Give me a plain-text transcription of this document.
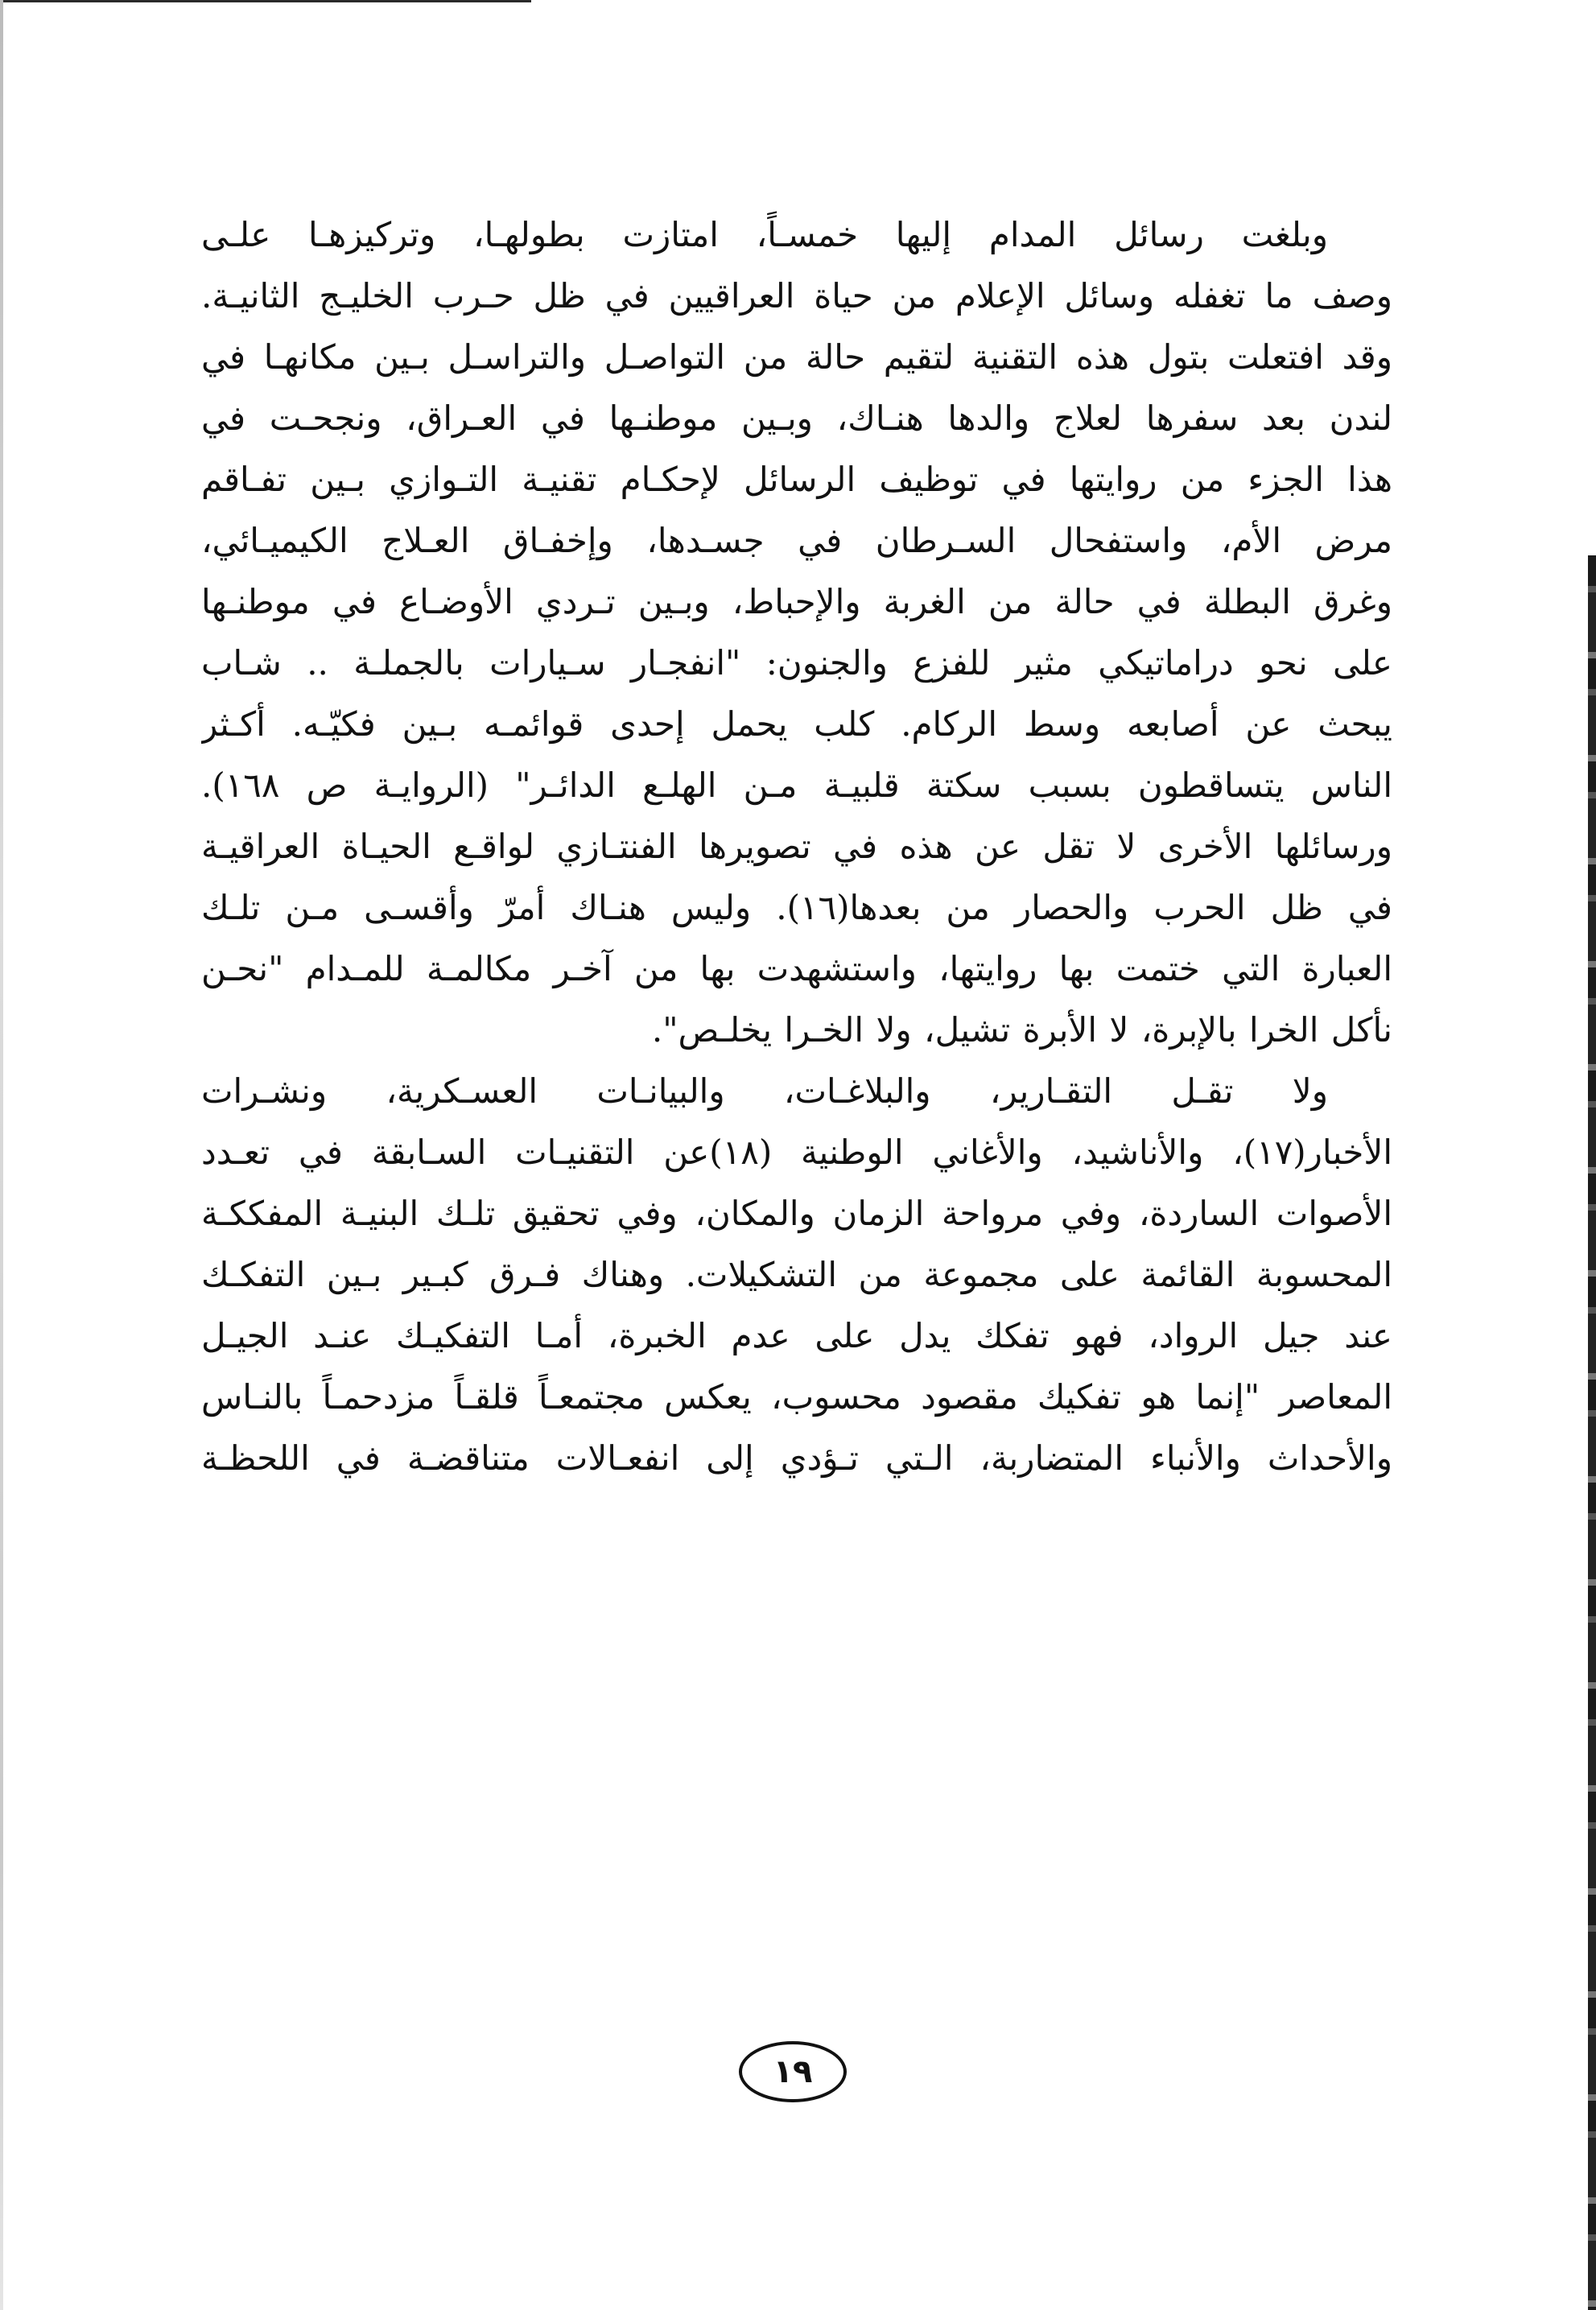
وبلغت رسائل المدام إليها خمسـاً، امتازت بطولهـا، وتركيزهـا علـى
وصف ما تغفله وسائل الإعلام من حياة العراقيين في ظل حـرب الخليـج الثانيـة.
وقد افتعلت بتول هذه التقنية لتقيم حالة من التواصـل والتراسـل بـين مكانهـا في
لندن بعد سفرها لعلاج والدها هنـاك، وبـين موطنـها في العـراق، ونجحـت في
هذا الجزء من روايتها في توظيف الرسائل لإحكـام تقنيـة التـوازي بـين تفـاقم
مرض الأم، واستفحال السـرطان في جسـدها، وإخفـاق العـلاج الكيميـائي،
وغرق البطلة في حالة من الغربة والإحباط، وبـين تـردي الأوضـاع في موطنـها
على نحو دراماتيكي مثير للفزع والجنون: "انفجـار سـيارات بالجملـة .. شـاب
يبحث عن أصابعه وسط الركام. كلب يحمل إحدى قوائمـه بـين فكيّـه. أكـثر
الناس يتساقطون بسبب سكتة قلبيـة مـن الهلـع الدائـر" (الروايـة ص ١٦٨).
ورسائلها الأخرى لا تقل عن هذه في تصويرها الفنتـازي لواقـع الحيـاة العراقيـة
في ظل الحرب والحصار من بعدها(١٦). وليس هنـاك أمرّ وأقسـى مـن تلـك
العبارة التي ختمت بها روايتها، واستشهدت بها من آخـر مكالمـة للمـدام "نحـن
نأكل الخرا بالإبرة، لا الأبرة تشيل، ولا الخـرا يخلـص".
ولا تقـل التقـارير، والبلاغـات، والبيانـات العسـكرية، ونشـرات
الأخبار(١٧)، والأناشيد، والأغاني الوطنية (١٨)عن التقنيـات السـابقة في تعـدد
الأصوات الساردة، وفي مرواحة الزمان والمكان، وفي تحقيق تلـك البنيـة المفككـة
المحسوبة القائمة على مجموعة من التشكيلات. وهناك فـرق كبـير بـين التفكـك
عند جيل الرواد، فهو تفكك يدل على عدم الخبرة، أمـا التفكيـك عنـد الجيـل
المعاصر "إنما هو تفكيك مقصود محسوب، يعكس مجتمعـاً قلقـاً مزدحمـاً بالنـاس
والأحداث والأنباء المتضاربة، الـتي تـؤدي إلى انفعـالات متناقضـة في اللحظـة
١٩
